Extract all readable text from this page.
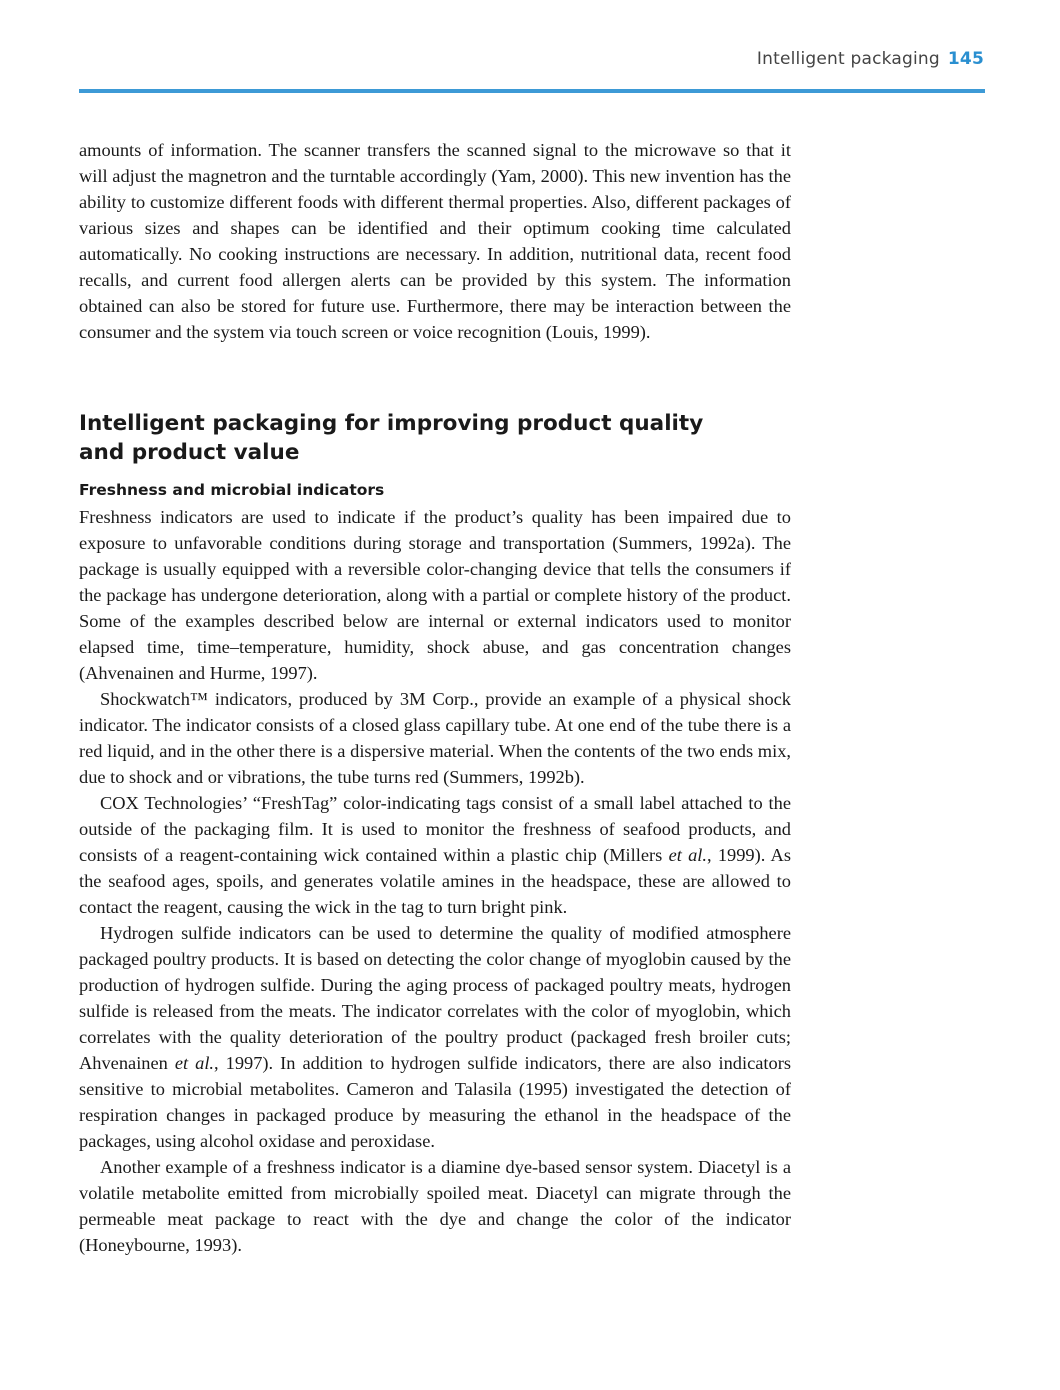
Intelligent packaging 145

amounts of information. The scanner transfers the scanned signal to the microwave so that it will adjust the magnetron and the turntable accordingly (Yam, 2000). This new invention has the ability to customize different foods with different thermal properties. Also, different packages of various sizes and shapes can be identified and their optimum cooking time calculated automatically. No cooking instructions are necessary. In addition, nutritional data, recent food recalls, and current food allergen alerts can be provided by this system. The information obtained can also be stored for future use. Furthermore, there may be interaction between the consumer and the system via touch screen or voice recognition (Louis, 1999).

Intelligent packaging for improving product quality and product value
Freshness and microbial indicators

Freshness indicators are used to indicate if the product’s quality has been impaired due to exposure to unfavorable conditions during storage and transportation (Summers, 1992a). The package is usually equipped with a reversible color-changing device that tells the consumers if the package has undergone deterioration, along with a partial or complete history of the product. Some of the examples described below are internal or external indicators used to monitor elapsed time, time–temperature, humidity, shock abuse, and gas concentration changes (Ahvenainen and Hurme, 1997).

Shockwatch™ indicators, produced by 3M Corp., provide an example of a physical shock indicator. The indicator consists of a closed glass capillary tube. At one end of the tube there is a red liquid, and in the other there is a dispersive material. When the contents of the two ends mix, due to shock and or vibrations, the tube turns red (Summers, 1992b).

COX Technologies’ “FreshTag” color-indicating tags consist of a small label attached to the outside of the packaging film. It is used to monitor the freshness of seafood products, and consists of a reagent-containing wick contained within a plastic chip (Millers et al., 1999). As the seafood ages, spoils, and generates volatile amines in the headspace, these are allowed to contact the reagent, causing the wick in the tag to turn bright pink.

Hydrogen sulfide indicators can be used to determine the quality of modified atmosphere packaged poultry products. It is based on detecting the color change of myoglobin caused by the production of hydrogen sulfide. During the aging process of packaged poultry meats, hydrogen sulfide is released from the meats. The indicator correlates with the color of myoglobin, which correlates with the quality deterioration of the poultry product (packaged fresh broiler cuts; Ahvenainen et al., 1997). In addition to hydrogen sulfide indicators, there are also indicators sensitive to microbial metabolites. Cameron and Talasila (1995) investigated the detection of respiration changes in packaged produce by measuring the ethanol in the headspace of the packages, using alcohol oxidase and peroxidase.

Another example of a freshness indicator is a diamine dye-based sensor system. Diacetyl is a volatile metabolite emitted from microbially spoiled meat. Diacetyl can migrate through the permeable meat package to react with the dye and change the color of the indicator (Honeybourne, 1993).
